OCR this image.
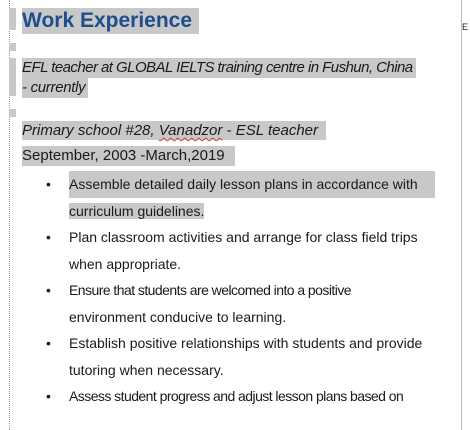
E
Work Experience
EFL teacher at GLOBAL IELTS training centre in Fushun, China
- currently
Primary school #28, Vanadzor - ESL teacher
September, 2003 -March,2019
• Assemble detailed daily lesson plans in accordance with
curriculum guidelines.
• Plan classroom activities and arrange for class field trips
when appropriate.
• Ensure that students are welcomed into a positive
environment conducive to learning.
• Establish positive relationships with students and provide
tutoring when necessary.
• Assess student progress and adjust lesson plans based on
